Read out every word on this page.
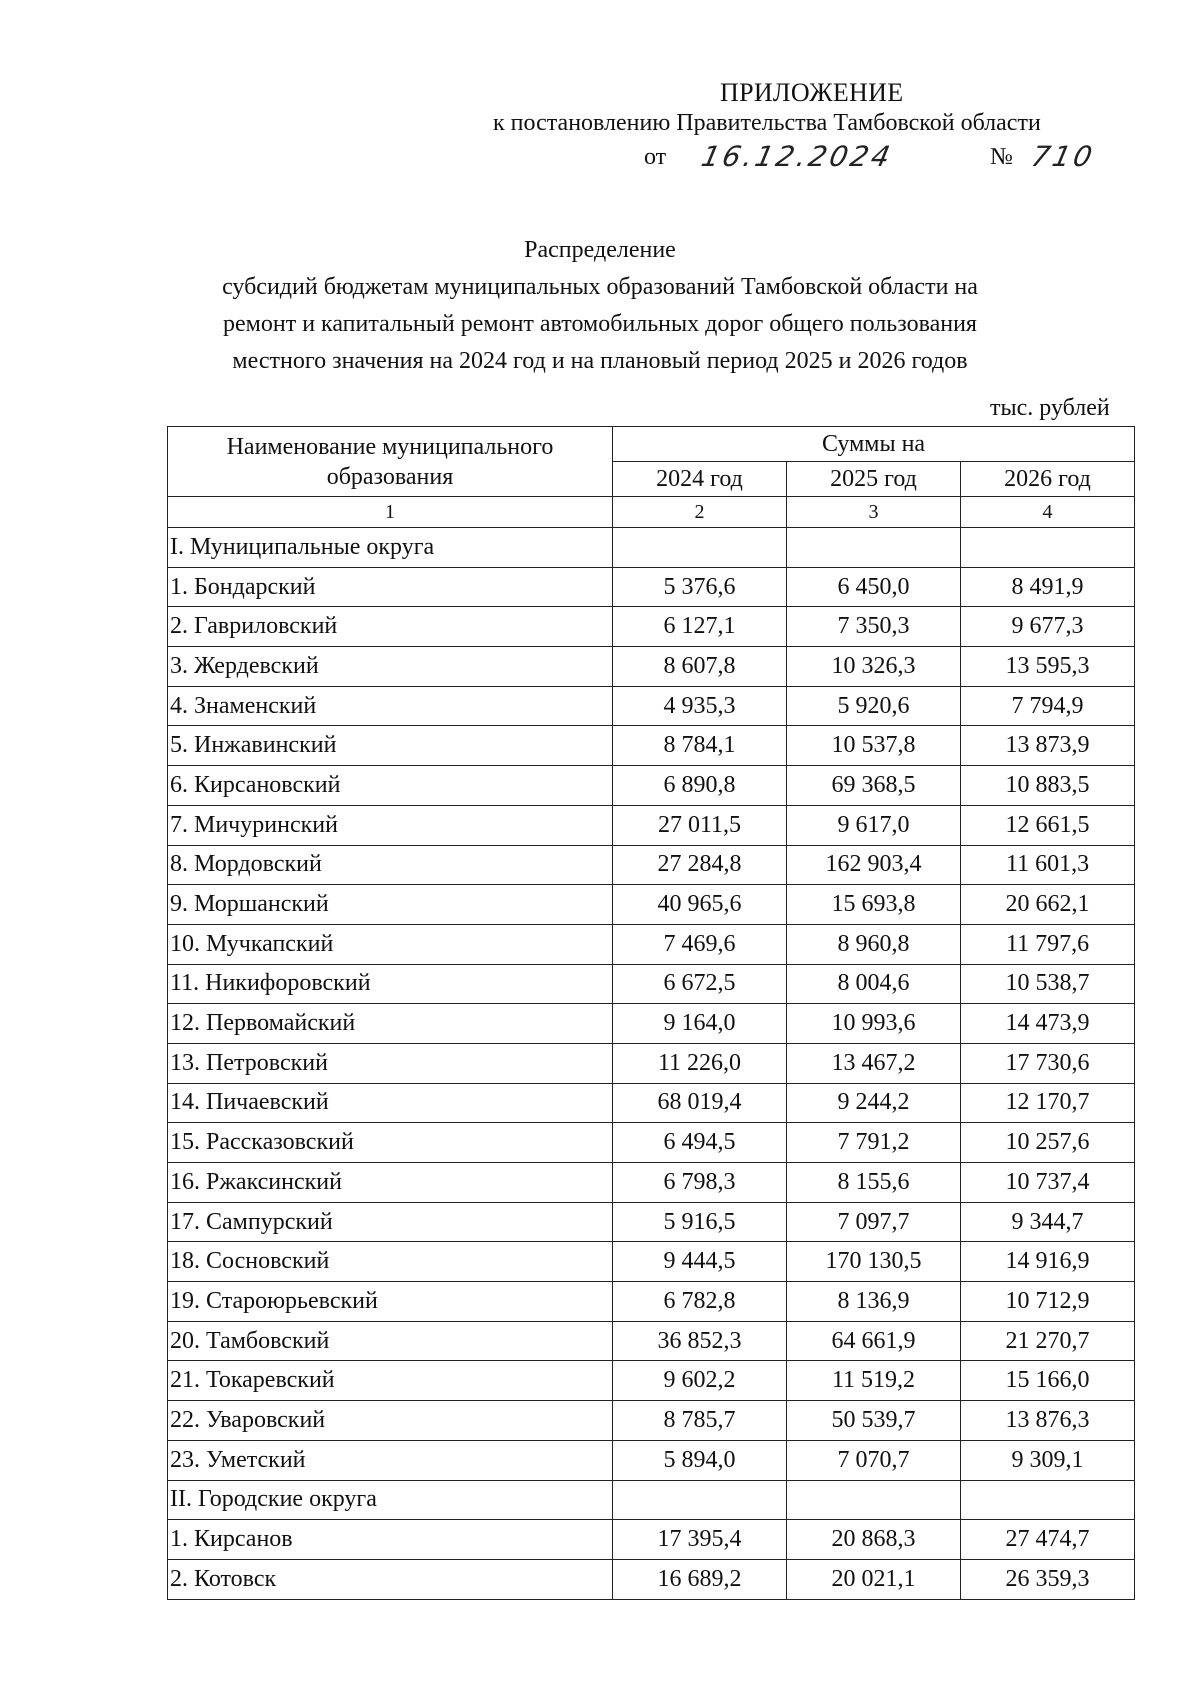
ПРИЛОЖЕНИЕ
к постановлению Правительства Тамбовской области
от 16.12.2024	№ 710
Распределение
субсидий бюджетам муниципальных образований Тамбовской области на
ремонт и капитальный ремонт автомобильных дорог общего пользования
местного значения на 2024 год и на плановый период 2025 и 2026 годов
тыс. рублей
Наименование муниципального
образования	Суммы на		
	2024 год	2025 год	2026 год
1	2	3	4
I. Муниципальные округа			
1. Бондарский	5 376,6	6 450,0	8 491,9
2. Гавриловский	6 127,1	7 350,3	9 677,3
3. Жердевский	8 607,8	10 326,3	13 595,3
4. Знаменский	4 935,3	5 920,6	7 794,9
5. Инжавинский	8 784,1	10 537,8	13 873,9
6. Кирсановский	6 890,8	69 368,5	10 883,5
7. Мичуринский	27 011,5	9 617,0	12 661,5
8. Мордовский	27 284,8	162 903,4	11 601,3
9. Моршанский	40 965,6	15 693,8	20 662,1
10. Мучкапский	7 469,6	8 960,8	11 797,6
11. Никифоровский	6 672,5	8 004,6	10 538,7
12. Первомайский	9 164,0	10 993,6	14 473,9
13. Петровский	11 226,0	13 467,2	17 730,6
14. Пичаевский	68 019,4	9 244,2	12 170,7
15. Рассказовский	6 494,5	7 791,2	10 257,6
16. Ржаксинский	6 798,3	8 155,6	10 737,4
17. Сампурский	5 916,5	7 097,7	9 344,7
18. Сосновский	9 444,5	170 130,5	14 916,9
19. Староюрьевский	6 782,8	8 136,9	10 712,9
20. Тамбовский	36 852,3	64 661,9	21 270,7
21. Токаревский	9 602,2	11 519,2	15 166,0
22. Уваровский	8 785,7	50 539,7	13 876,3
23. Уметский	5 894,0	7 070,7	9 309,1
II. Городские округа			
1. Кирсанов	17 395,4	20 868,3	27 474,7
2. Котовск	16 689,2	20 021,1	26 359,3
